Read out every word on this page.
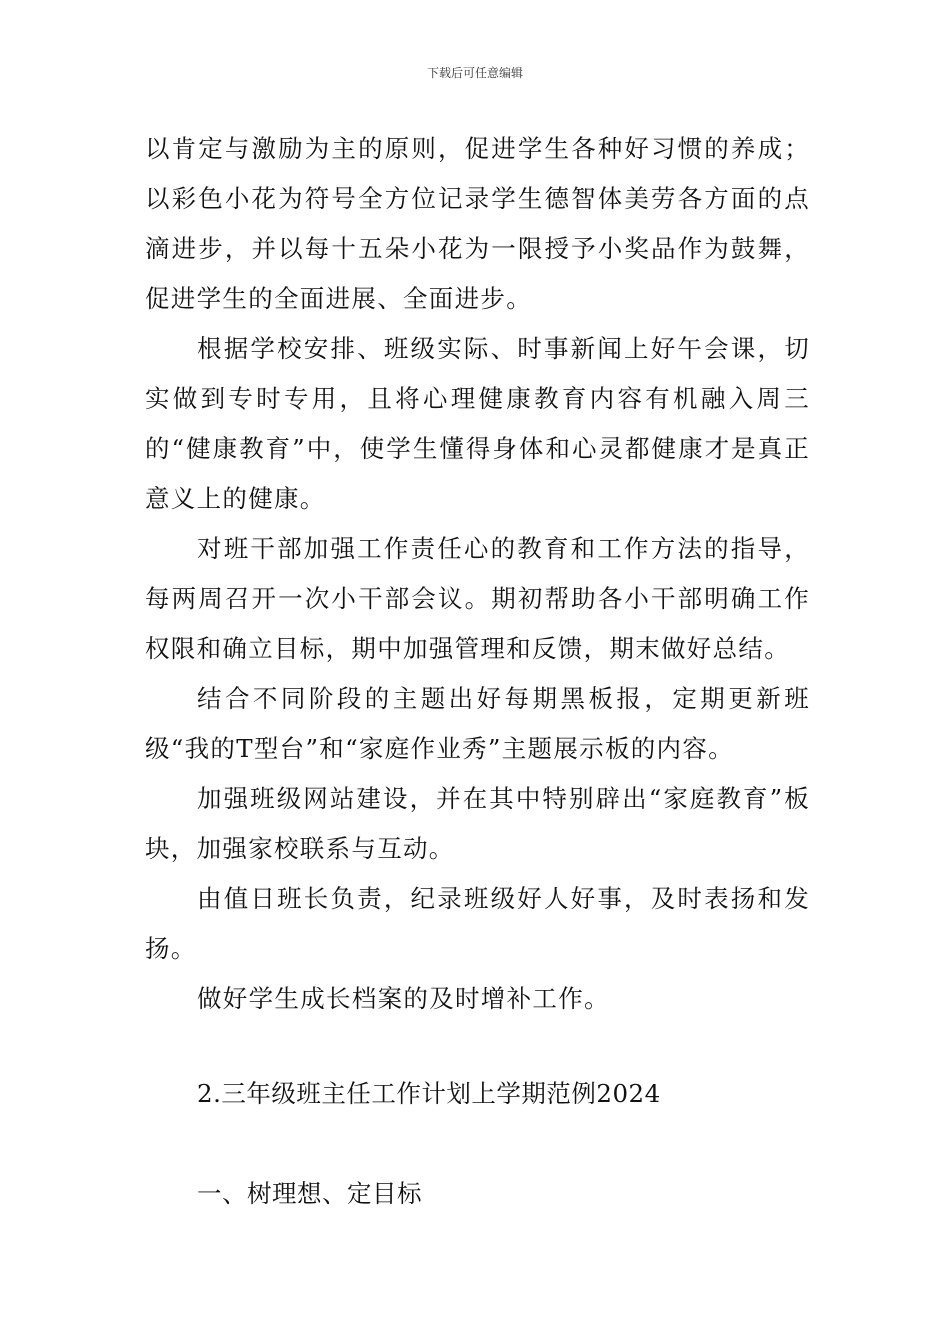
下载后可任意编辑

以肯定与激励为主的原则，促进学生各种好习惯的养成；以彩色小花为符号全方位记录学生德智体美劳各方面的点滴进步，并以每十五朵小花为一限授予小奖品作为鼓舞，促进学生的全面进展、全面进步。

根据学校安排、班级实际、时事新闻上好午会课，切实做到专时专用，且将心理健康教育内容有机融入周三的“健康教育”中，使学生懂得身体和心灵都健康才是真正意义上的健康。

对班干部加强工作责任心的教育和工作方法的指导，每两周召开一次小干部会议。期初帮助各小干部明确工作权限和确立目标，期中加强管理和反馈，期末做好总结。

结合不同阶段的主题出好每期黑板报，定期更新班级“我的T型台”和“家庭作业秀”主题展示板的内容。

加强班级网站建设，并在其中特别辟出“家庭教育”板块，加强家校联系与互动。

由值日班长负责，纪录班级好人好事，及时表扬和发扬。

做好学生成长档案的及时增补工作。

2.三年级班主任工作计划上学期范例2024

一、树理想、定目标
